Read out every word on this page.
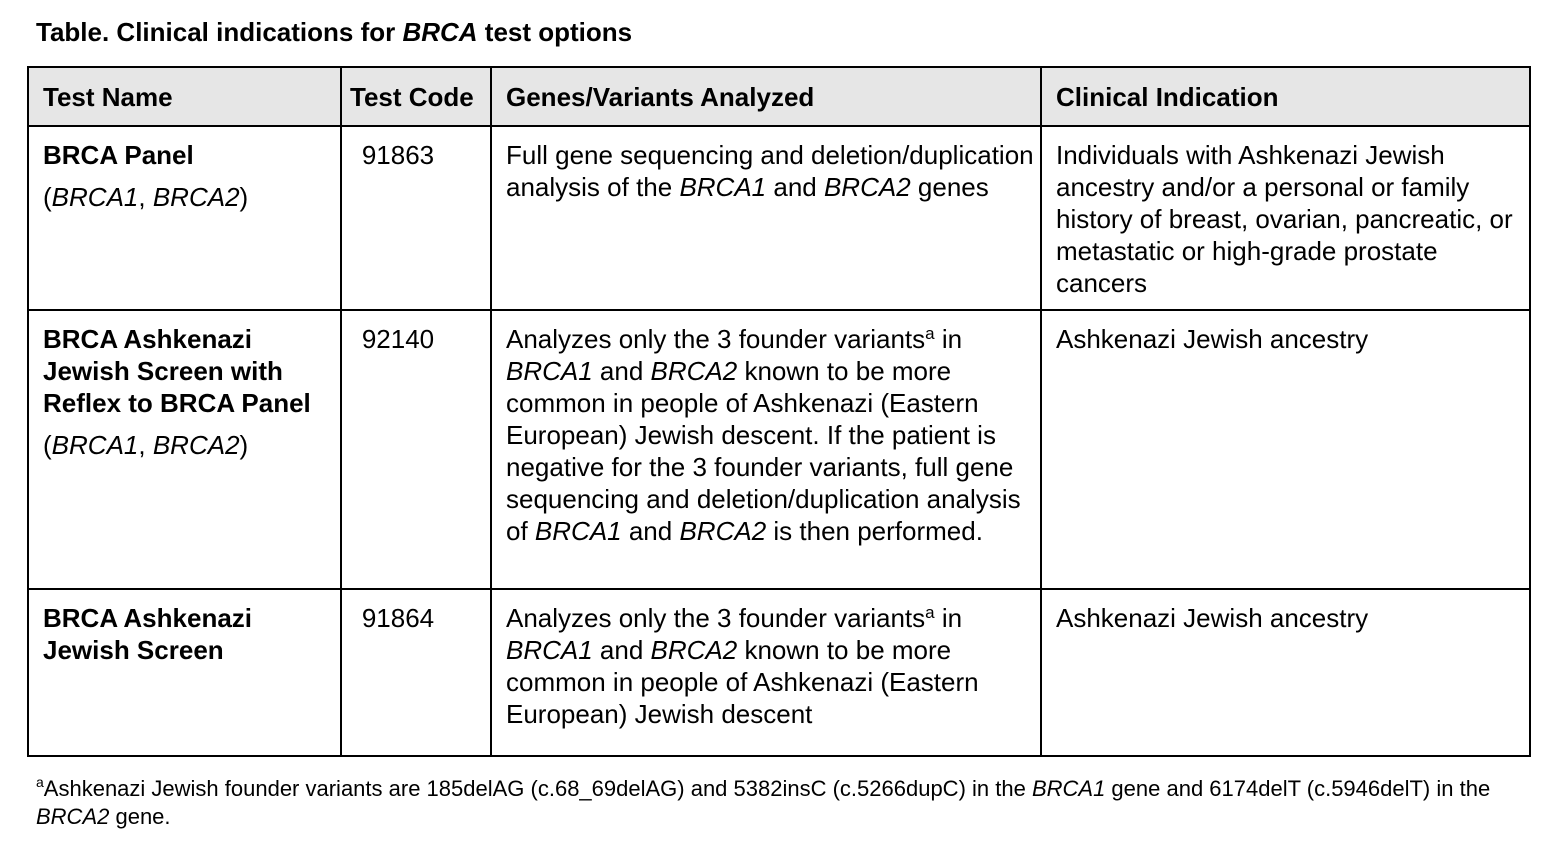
Table. Clinical indications for BRCA test options
Test Name	Test Code	Genes/Variants Analyzed	Clinical Indication

BRCA Panel
(BRCA1, BRCA2)	91863	Full gene sequencing and deletion/duplication analysis of the BRCA1 and BRCA2 genes	Individuals with Ashkenazi Jewish ancestry and/or a personal or family history of breast, ovarian, pancreatic, or metastatic or high-grade prostate cancers

BRCA Ashkenazi Jewish Screen with Reflex to BRCA Panel
(BRCA1, BRCA2)	92140	Analyzes only the 3 founder variants$^a$ in BRCA1 and BRCA2 known to be more common in people of Ashkenazi (Eastern European) Jewish descent. If the patient is negative for the 3 founder variants, full gene sequencing and deletion/duplication analysis of BRCA1 and BRCA2 is then performed.	Ashkenazi Jewish ancestry

BRCA Ashkenazi Jewish Screen	91864	Analyzes only the 3 founder variants$^a$ in BRCA1 and BRCA2 known to be more common in people of Ashkenazi (Eastern European) Jewish descent	Ashkenazi Jewish ancestry
$^a$Ashkenazi Jewish founder variants are 185delAG (c.68_69delAG) and 5382insC (c.5266dupC) in the BRCA1 gene and 6174delT (c.5946delT) in the BRCA2 gene.
